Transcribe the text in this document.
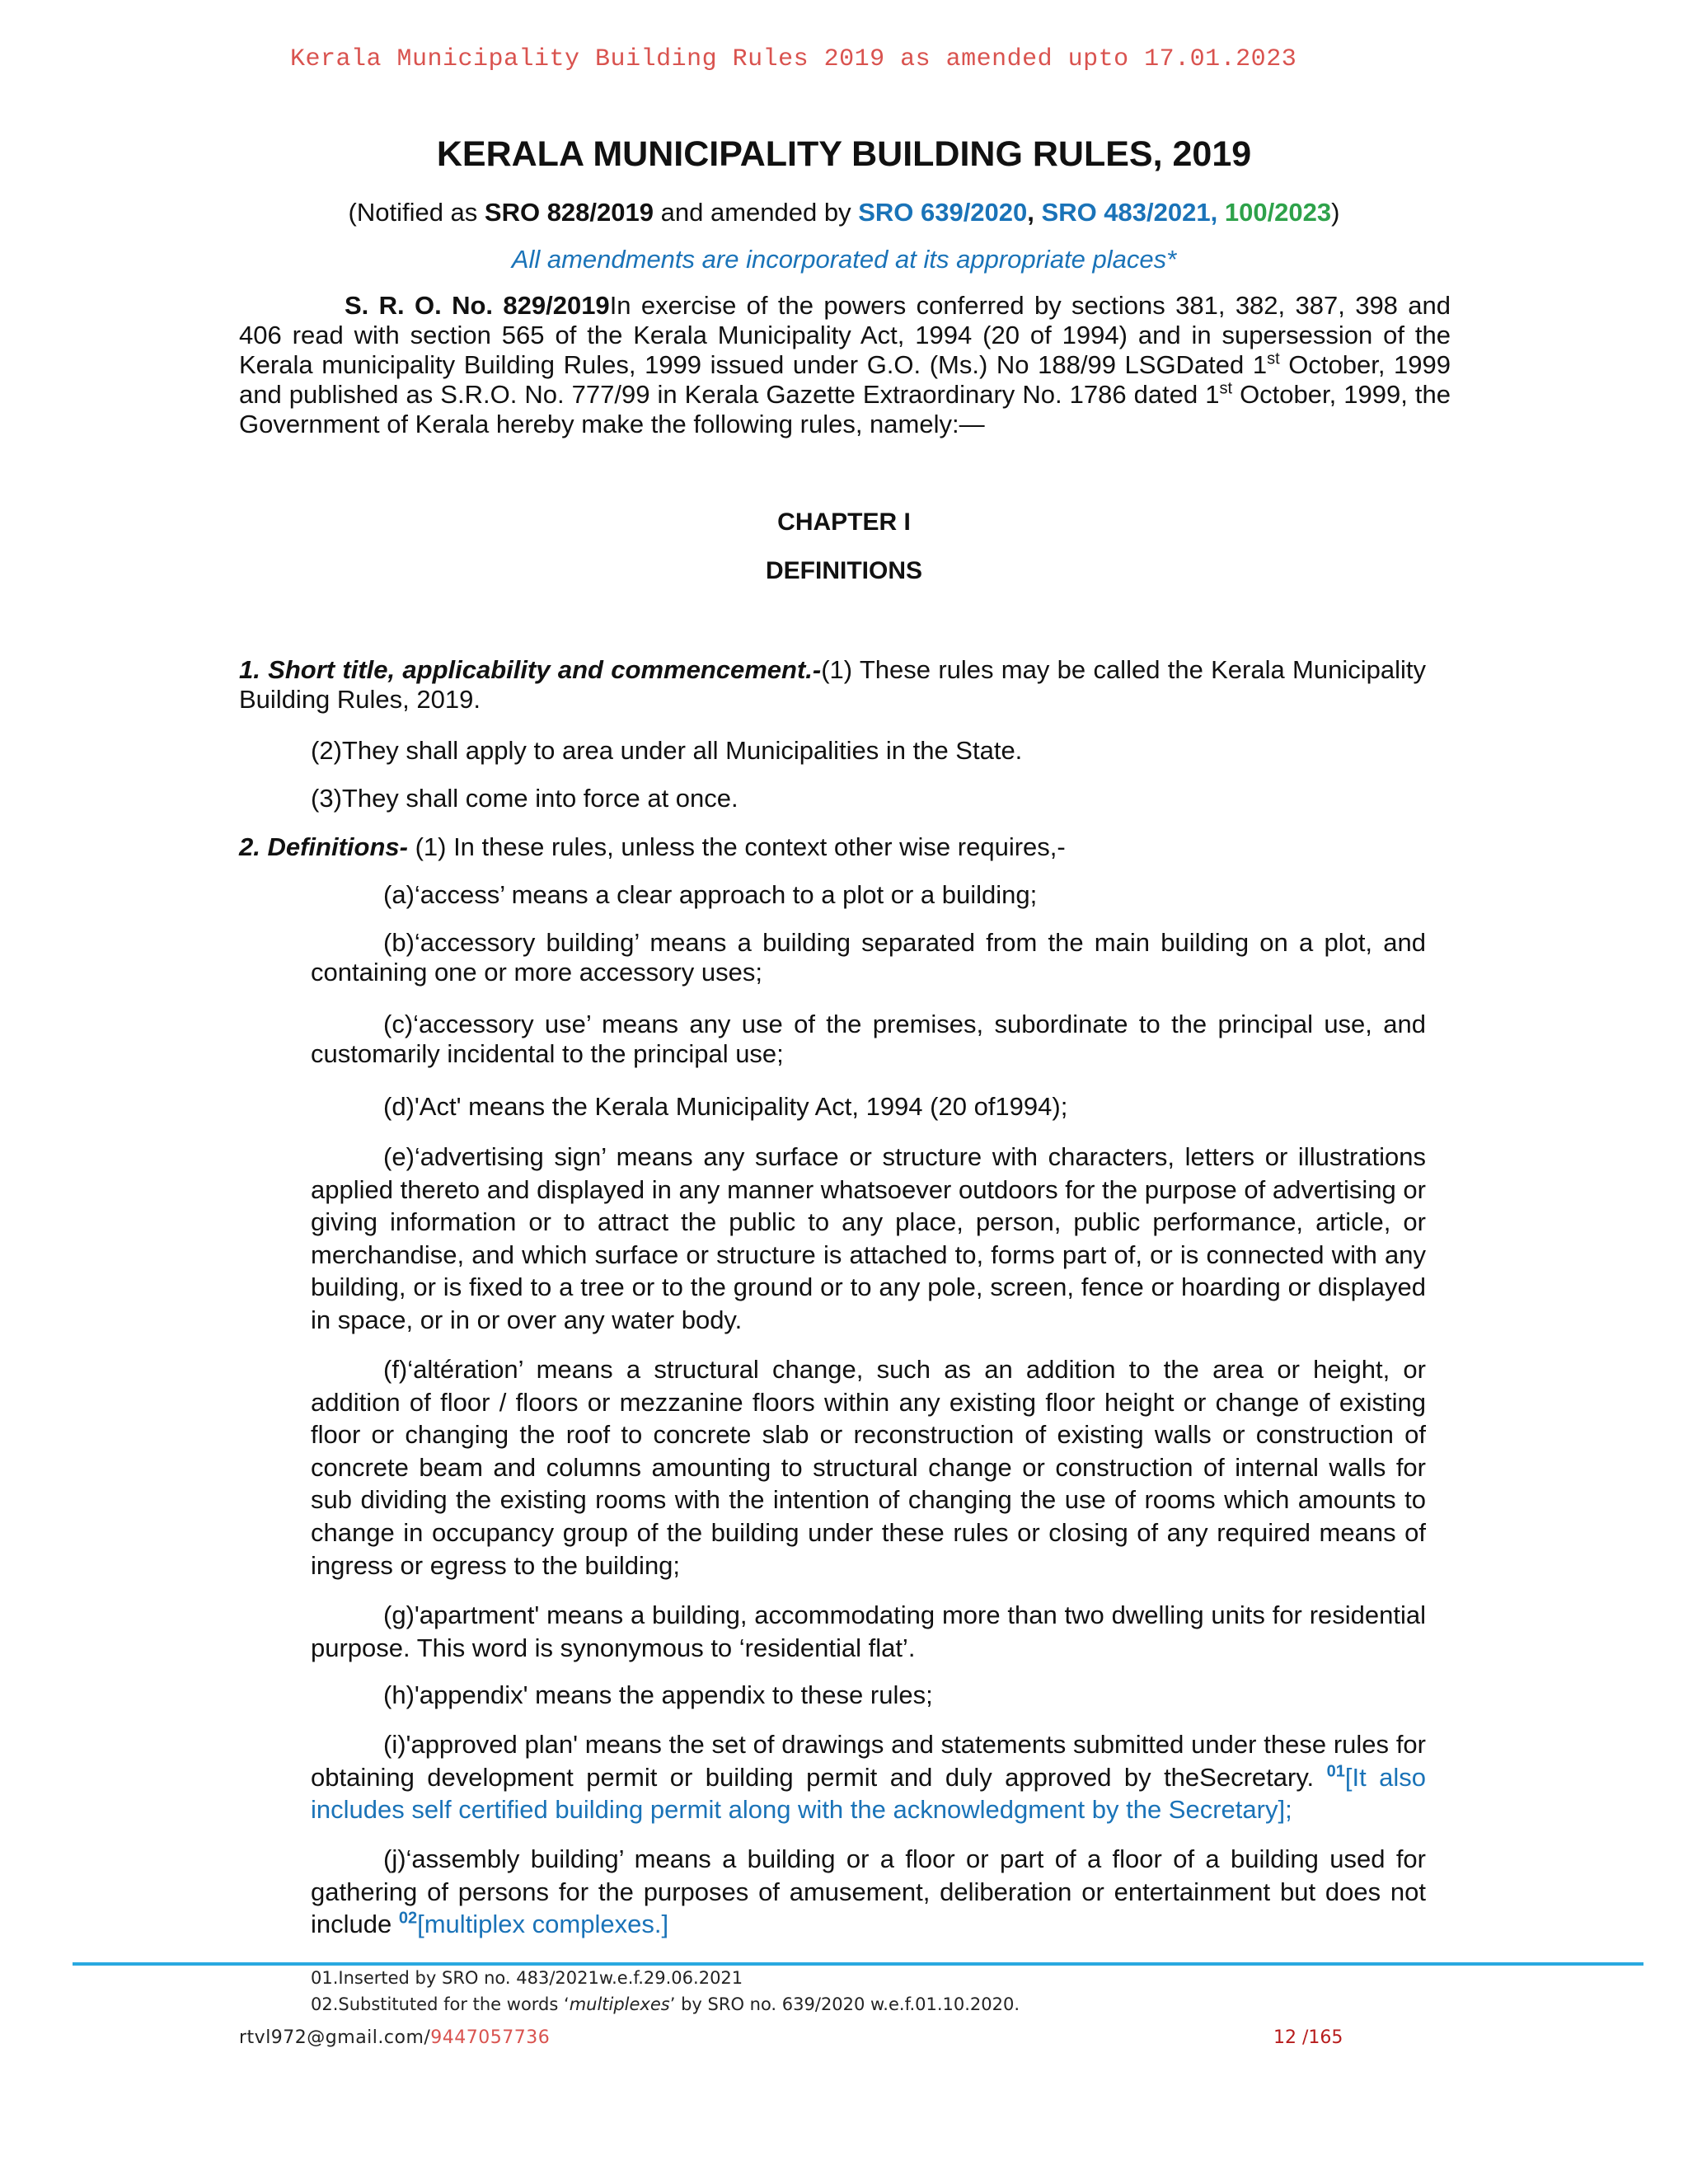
Kerala Municipality Building Rules 2019 as amended upto 17.01.2023
KERALA MUNICIPALITY BUILDING RULES, 2019
(Notified as SRO 828/2019 and amended by SRO 639/2020, SRO 483/2021, 100/2023)
All amendments are incorporated at its appropriate places*
S. R. O. No. 829/2019In exercise of the powers conferred by sections 381, 382, 387, 398 and 406 read with section 565 of the Kerala Municipality Act, 1994 (20 of 1994) and in supersession of the Kerala municipality Building Rules, 1999 issued under G.O. (Ms.) No 188/99 LSGDated 1st October, 1999 and published as S.R.O. No. 777/99 in Kerala Gazette Extraordinary No. 1786 dated 1st October, 1999, the Government of Kerala hereby make the following rules, namely:—
CHAPTER I
DEFINITIONS
1. Short title, applicability and commencement.-(1) These rules may be called the Kerala Municipality Building Rules, 2019.
(2)They shall apply to area under all Municipalities in the State.
(3)They shall come into force at once.
2. Definitions- (1) In these rules, unless the context other wise requires,-
(a)‘access’ means a clear approach to a plot or a building;
(b)‘accessory building’ means a building separated from the main building on a plot, and containing one or more accessory uses;
(c)‘accessory use’ means any use of the premises, subordinate to the principal use, and customarily incidental to the principal use;
(d)'Act' means the Kerala Municipality Act, 1994 (20 of1994);
(e)‘advertising sign’ means any surface or structure with characters, letters or illustrations applied thereto and displayed in any manner whatsoever outdoors for the purpose of advertising or giving information or to attract the public to any place, person, public performance, article, or merchandise, and which surface or structure is attached to, forms part of, or is connected with any building, or is fixed to a tree or to the ground or to any pole, screen, fence or hoarding or displayed in space, or in or over any water body.
(f)‘altération’ means a structural change, such as an addition to the area or height, or addition of floor / floors or mezzanine floors within any existing floor height or change of existing floor or changing the roof to concrete slab or reconstruction of existing walls or construction of concrete beam and columns amounting to structural change or construction of internal walls for sub dividing the existing rooms with the intention of changing the use of rooms which amounts to change in occupancy group of the building under these rules or closing of any required means of ingress or egress to the building;
(g)'apartment' means a building, accommodating more than two dwelling units for residential purpose. This word is synonymous to ‘residential flat’.
(h)'appendix' means the appendix to these rules;
(i)'approved plan' means the set of drawings and statements submitted under these rules for obtaining development permit or building permit and duly approved by theSecretary. $^{01}$[It also includes self certified building permit along with the acknowledgment by the Secretary];
(j)‘assembly building’ means a building or a floor or part of a floor of a building used for gathering of persons for the purposes of amusement, deliberation or entertainment but does not include $^{02}$[multiplex complexes.]
01.Inserted by SRO no. 483/2021w.e.f.29.06.2021
02.Substituted for the words ‘multiplexes’ by SRO no. 639/2020 w.e.f.01.10.2020.
rtvl972@gmail.com/9447057736	12 /165
